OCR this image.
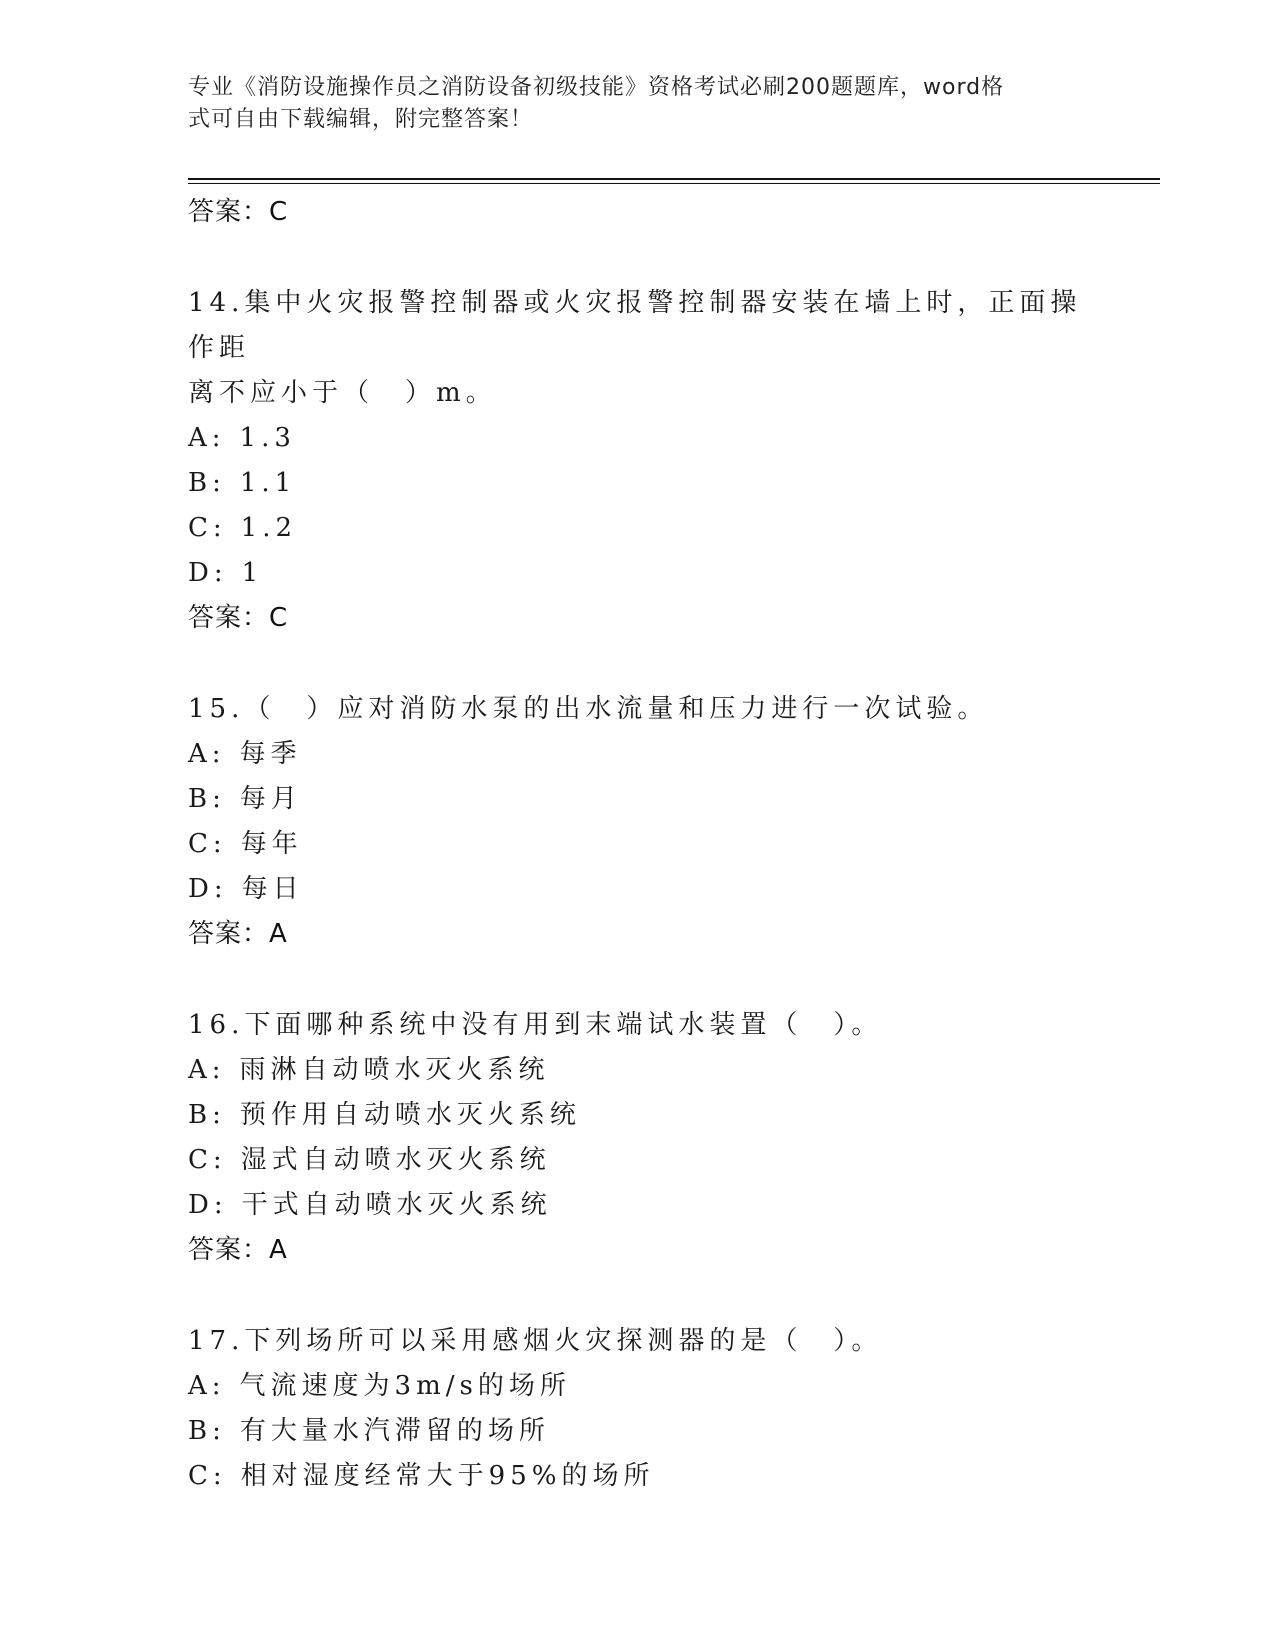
专业《消防设施操作员之消防设备初级技能》资格考试必刷200题题库，word格
式可自由下载编辑，附完整答案！
答案：C
14.集中火灾报警控制器或火灾报警控制器安装在墙上时，正面操作距
离不应小于（　）m。
A: 1.3
B: 1.1
C: 1.2
D: 1
答案：C
15.（　）应对消防水泵的出水流量和压力进行一次试验。
A: 每季
B: 每月
C: 每年
D: 每日
答案：A
16.下面哪种系统中没有用到末端试水装置（　）。
A: 雨淋自动喷水灭火系统
B: 预作用自动喷水灭火系统
C: 湿式自动喷水灭火系统
D: 干式自动喷水灭火系统
答案：A
17.下列场所可以采用感烟火灾探测器的是（　）。
A: 气流速度为3m/s的场所
B: 有大量水汽滞留的场所
C: 相对湿度经常大于95%的场所
